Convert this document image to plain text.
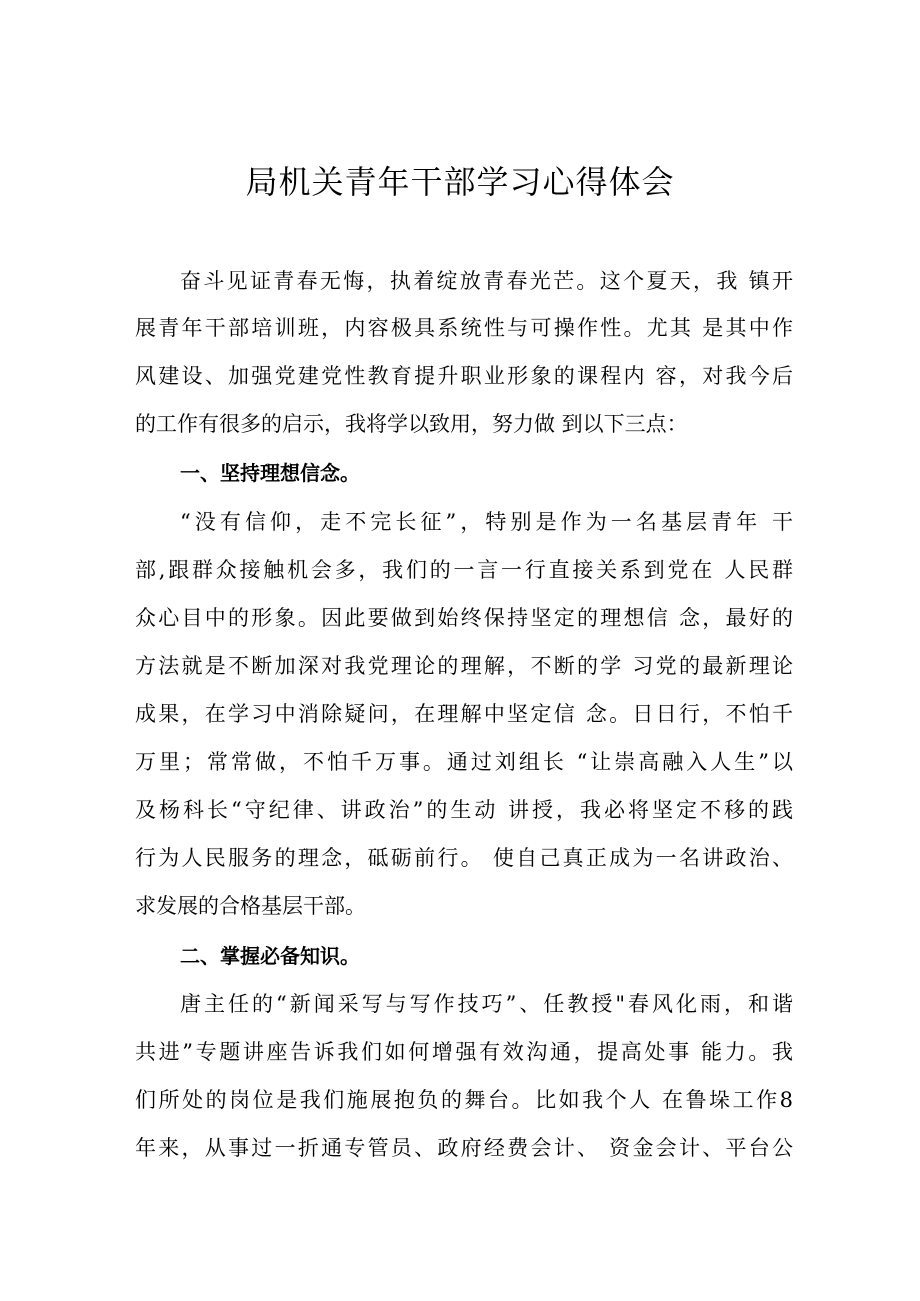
局机关青年干部学习心得体会
奋斗见证青春无悔，执着绽放青春光芒。这个夏天，我 镇开
展青年干部培训班，内容极具系统性与可操作性。尤其 是其中作
风建设、加强党建党性教育提升职业形象的课程内 容，对我今后
的工作有很多的启示，我将学以致用，努力做 到以下三点：
一、坚持理想信念。
“没有信仰，走不完长征”，特别是作为一名基层青年 干
部,跟群众接触机会多，我们的一言一行直接关系到党在 人民群
众心目中的形象。因此要做到始终保持坚定的理想信 念，最好的
方法就是不断加深对我党理论的理解，不断的学 习党的最新理论
成果，在学习中消除疑问，在理解中坚定信 念。日日行，不怕千
万里；常常做，不怕千万事。通过刘组长 “让崇高融入人生”以
及杨科长“守纪律、讲政治”的生动 讲授，我必将坚定不移的践
行为人民服务的理念，砥砺前行。 使自己真正成为一名讲政治、
求发展的合格基层干部。
二、掌握必备知识。
唐主任的“新闻采写与写作技巧”、任教授"春风化雨，和谐
共进”专题讲座告诉我们如何增强有效沟通，提高处事 能力。我
们所处的岗位是我们施展抱负的舞台。比如我个人 在鲁垛工作8
年来，从事过一折通专管员、政府经费会计、 资金会计、平台公
